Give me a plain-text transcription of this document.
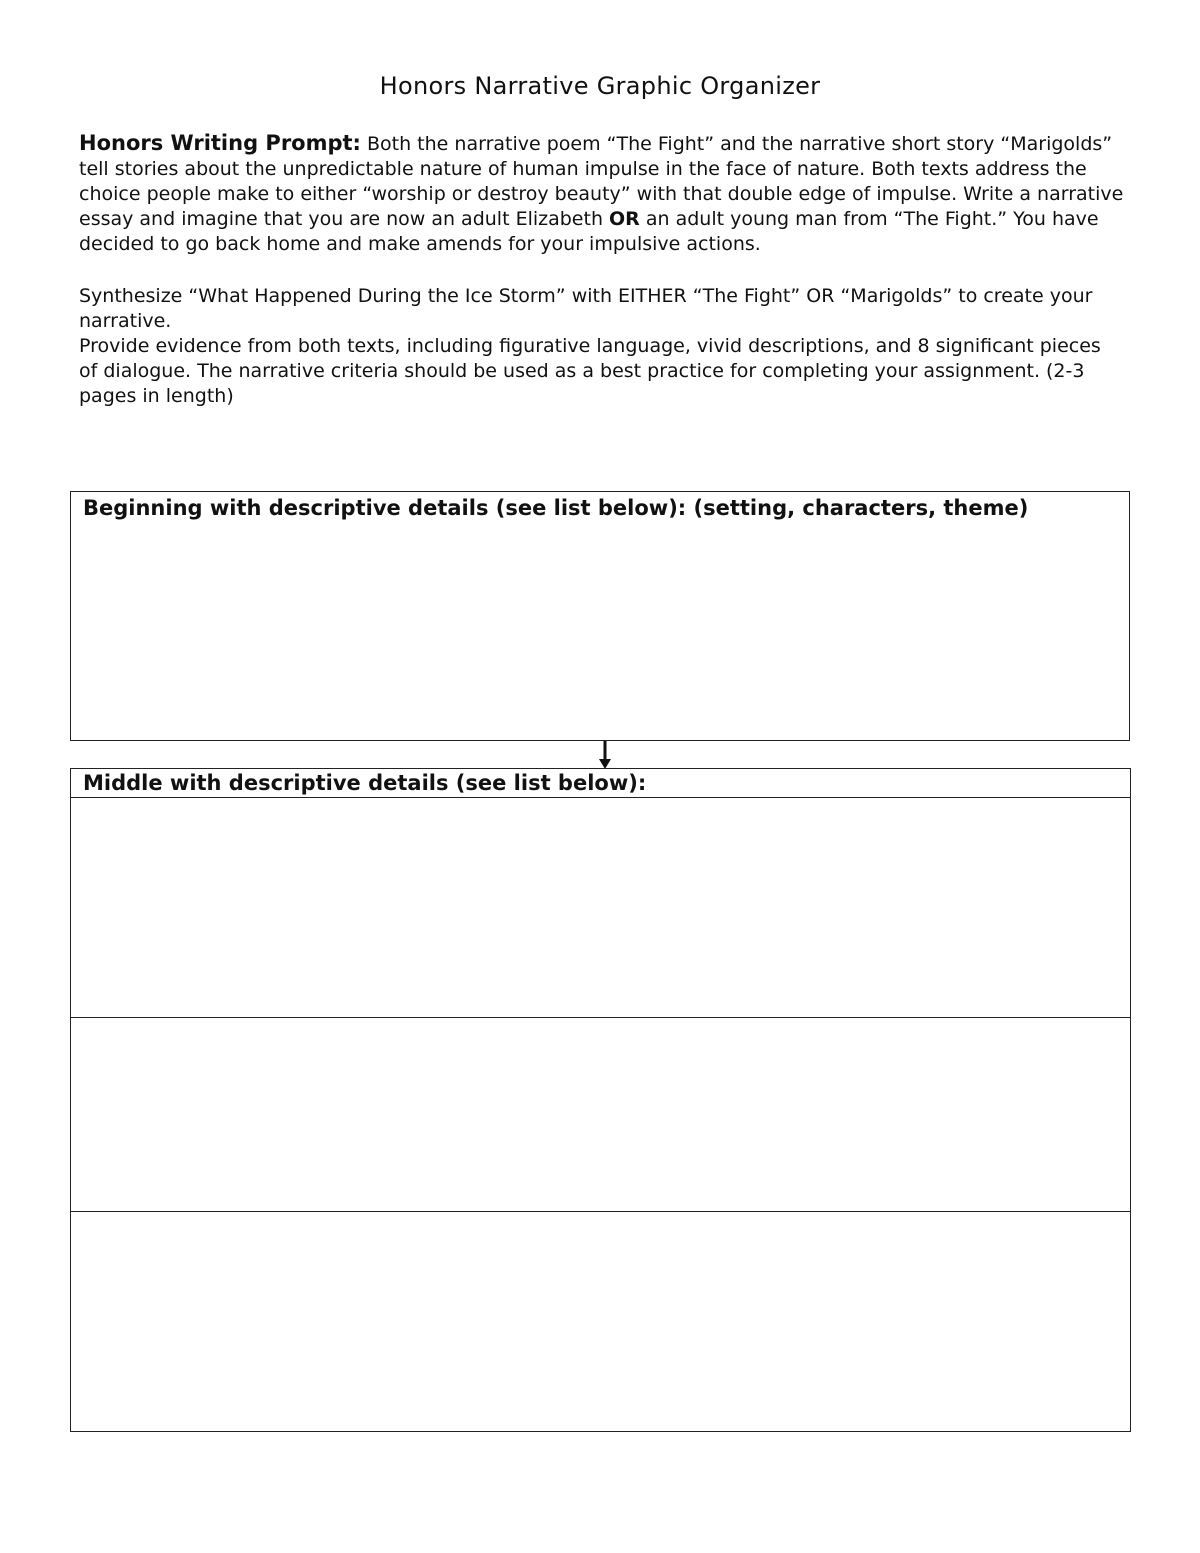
Honors Narrative Graphic Organizer

Honors Writing Prompt: Both the narrative poem “The Fight” and the narrative short story “Marigolds” tell stories about the unpredictable nature of human impulse in the face of nature. Both texts address the choice people make to either “worship or destroy beauty” with that double edge of impulse. Write a narrative essay and imagine that you are now an adult Elizabeth OR an adult young man from “The Fight.” You have decided to go back home and make amends for your impulsive actions.

Synthesize “What Happened During the Ice Storm” with EITHER “The Fight” OR “Marigolds” to create your narrative.

Provide evidence from both texts, including figurative language, vivid descriptions, and 8 significant pieces of dialogue. The narrative criteria should be used as a best practice for completing your assignment. (2-3 pages in length)

Beginning with descriptive details (see list below): (setting, characters, theme)
Middle with descriptive details (see list below):
